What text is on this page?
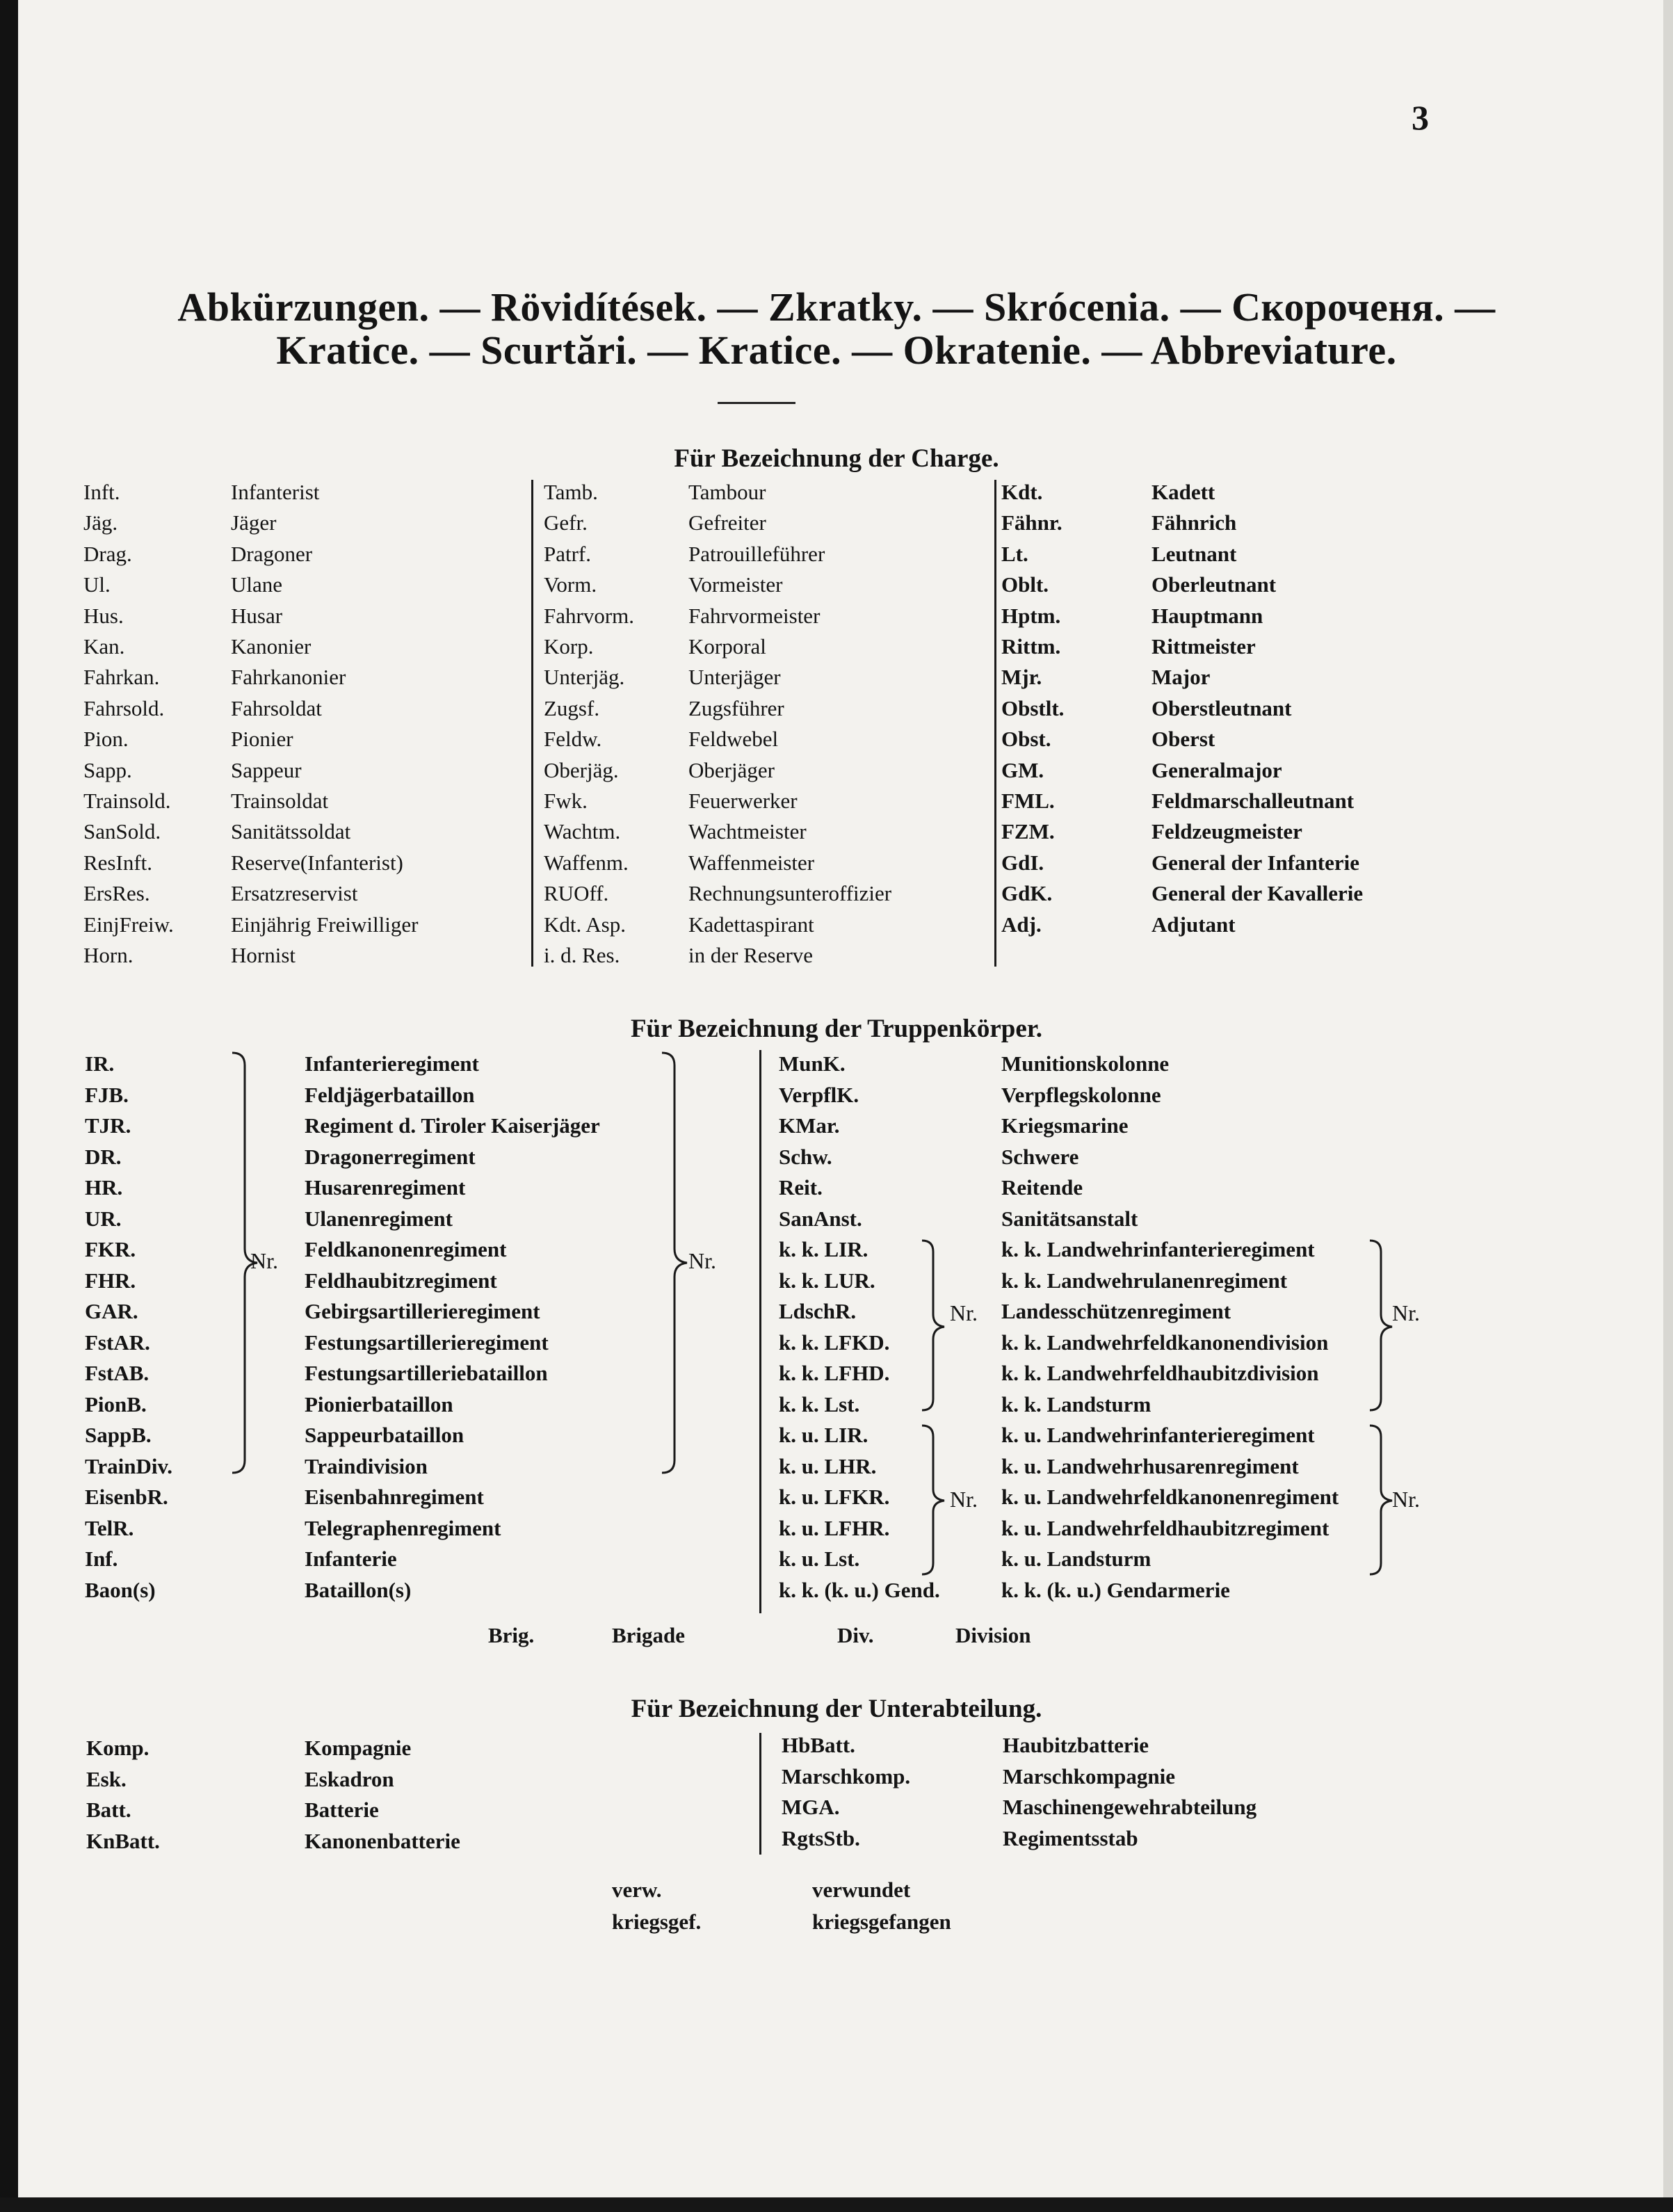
3
Abkürzungen. — Rövidítések. — Zkratky. — Skrócenia. — Скороченя. —
Kratice. — Scurtări. — Kratice. — Okratenie. — Abbreviature.
Für Bezeichnung der Charge.
Für Bezeichnung der Truppenkörper.
Für Bezeichnung der Unterabteilung.
Nr.	Nr.
Nr.	Nr.
Nr.	Nr.
Inft.	Infanterist
Jäg.	Jäger
Drag.	Dragoner
Ul.	Ulane
Hus.	Husar
Kan.	Kanonier
Fahrkan.	Fahrkanonier
Fahrsold.	Fahrsoldat
Pion.	Pionier
Sapp.	Sappeur
Trainsold.	Trainsoldat
SanSold.	Sanitätssoldat
ResInft.	Reserve(Infanterist)
ErsRes.	Ersatzreservist
EinjFreiw.	Einjährig Freiwilliger
Horn.	Hornist
Tamb.	Tambour
Gefr.	Gefreiter
Patrf.	Patrouilleführer
Vorm.	Vormeister
Fahrvorm.	Fahrvormeister
Korp.	Korporal
Unterjäg.	Unterjäger
Zugsf.	Zugsführer
Feldw.	Feldwebel
Oberjäg.	Oberjäger
Fwk.	Feuerwerker
Wachtm.	Wachtmeister
Waffenm.	Waffenmeister
RUOff.	Rechnungsunteroffizier
Kdt. Asp.	Kadettaspirant
i. d. Res.	in der Reserve
Kdt.	Kadett
Fähnr.	Fähnrich
Lt.	Leutnant
Oblt.	Oberleutnant
Hptm.	Hauptmann
Rittm.	Rittmeister
Mjr.	Major
Obstlt.	Oberstleutnant
Obst.	Oberst
GM.	Generalmajor
FML.	Feldmarschalleutnant
FZM.	Feldzeugmeister
GdI.	General der Infanterie
GdK.	General der Kavallerie
Adj.	Adjutant
IR.	Infanterieregiment
FJB.	Feldjägerbataillon
TJR.	Regiment d. Tiroler Kaiserjäger
DR.	Dragonerregiment
HR.	Husarenregiment
UR.	Ulanenregiment
FKR.	Feldkanonenregiment
FHR.	Feldhaubitzregiment
GAR.	Gebirgsartillerieregiment
FstAR.	Festungsartillerieregiment
FstAB.	Festungsartilleriebataillon
PionB.	Pionierbataillon
SappB.	Sappeurbataillon
TrainDiv.	Traindivision
EisenbR.	Eisenbahnregiment
TelR.	Telegraphenregiment
Inf.	Infanterie
Baon(s)	Bataillon(s)
MunK.	Munitionskolonne
VerpflK.	Verpflegskolonne
KMar.	Kriegsmarine
Schw.	Schwere
Reit.	Reitende
SanAnst.	Sanitätsanstalt
k. k. LIR.	k. k. Landwehrinfanterieregiment
k. k. LUR.	k. k. Landwehrulanenregiment
LdschR.	Landesschützenregiment
k. k. LFKD.	k. k. Landwehrfeldkanonendivision
k. k. LFHD.	k. k. Landwehrfeldhaubitzdivision
k. k. Lst.	k. k. Landsturm
k. u. LIR.	k. u. Landwehrinfanterieregiment
k. u. LHR.	k. u. Landwehrhusarenregiment
k. u. LFKR.	k. u. Landwehrfeldkanonenregiment
k. u. LFHR.	k. u. Landwehrfeldhaubitzregiment
k. u. Lst.	k. u. Landsturm
k. k. (k. u.) Gend.	k. k. (k. u.) Gendarmerie
Brig.	Brigade	Div.	Division
Komp.	Kompagnie
Esk.	Eskadron
Batt.	Batterie
KnBatt.	Kanonenbatterie
HbBatt.	Haubitzbatterie
Marschkomp.	Marschkompagnie
MGA.	Maschinengewehrabteilung
RgtsStb.	Regimentsstab
verw.	verwundet
kriegsgef.	kriegsgefangen
